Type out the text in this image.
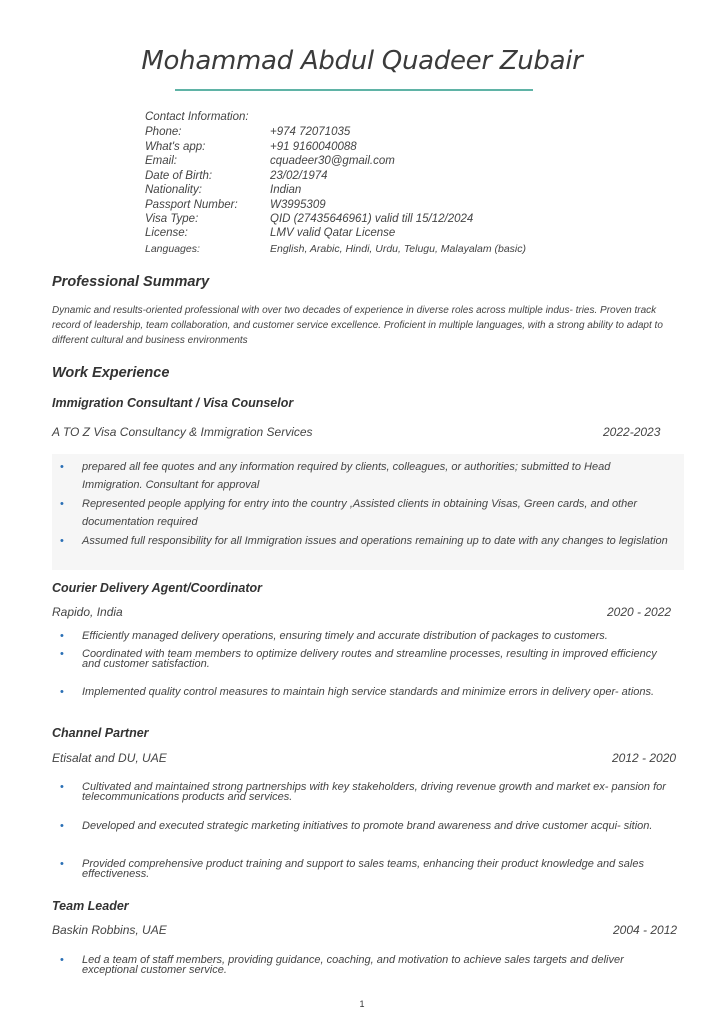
Mohammad Abdul Quadeer Zubair
Contact Information:
Phone:	+974 72071035
What's app:	+91 9160040088
Email:	cquadeer30@gmail.com
Date of Birth:	23/02/1974
Nationality:	Indian
Passport Number:	W3995309
Visa Type:	QID (27435646961) valid till 15/12/2024
License:	LMV valid Qatar License
Languages:	English, Arabic, Hindi, Urdu, Telugu, Malayalam (basic)
Professional Summary
Dynamic and results-oriented professional with over two decades of experience in diverse roles across multiple indus- tries. Proven track record of leadership, team collaboration, and customer service excellence. Proficient in multiple languages, with a strong ability to adapt to different cultural and business environments
Work Experience
Immigration Consultant / Visa Counselor
A TO Z Visa Consultancy & Immigration Services	2022-2023
• prepared all fee quotes and any information required by clients, colleagues, or authorities; submitted to Head Immigration. Consultant for approval
• Represented people applying for entry into the country ,Assisted clients in obtaining Visas, Green cards, and other documentation required
• Assumed full responsibility for all Immigration issues and operations remaining up to date with any changes to legislation
Courier Delivery Agent/Coordinator
Rapido, India	2020 - 2022
• Efficiently managed delivery operations, ensuring timely and accurate distribution of packages to customers.
• Coordinated with team members to optimize delivery routes and streamline processes, resulting in improved efficiency and customer satisfaction.
• Implemented quality control measures to maintain high service standards and minimize errors in delivery oper- ations.
Channel Partner
Etisalat and DU, UAE	2012 - 2020
• Cultivated and maintained strong partnerships with key stakeholders, driving revenue growth and market ex- pansion for telecommunications products and services.
• Developed and executed strategic marketing initiatives to promote brand awareness and drive customer acqui- sition.
• Provided comprehensive product training and support to sales teams, enhancing their product knowledge and sales effectiveness.
Team Leader
Baskin Robbins, UAE	2004 - 2012
• Led a team of staff members, providing guidance, coaching, and motivation to achieve sales targets and deliver exceptional customer service.
1
